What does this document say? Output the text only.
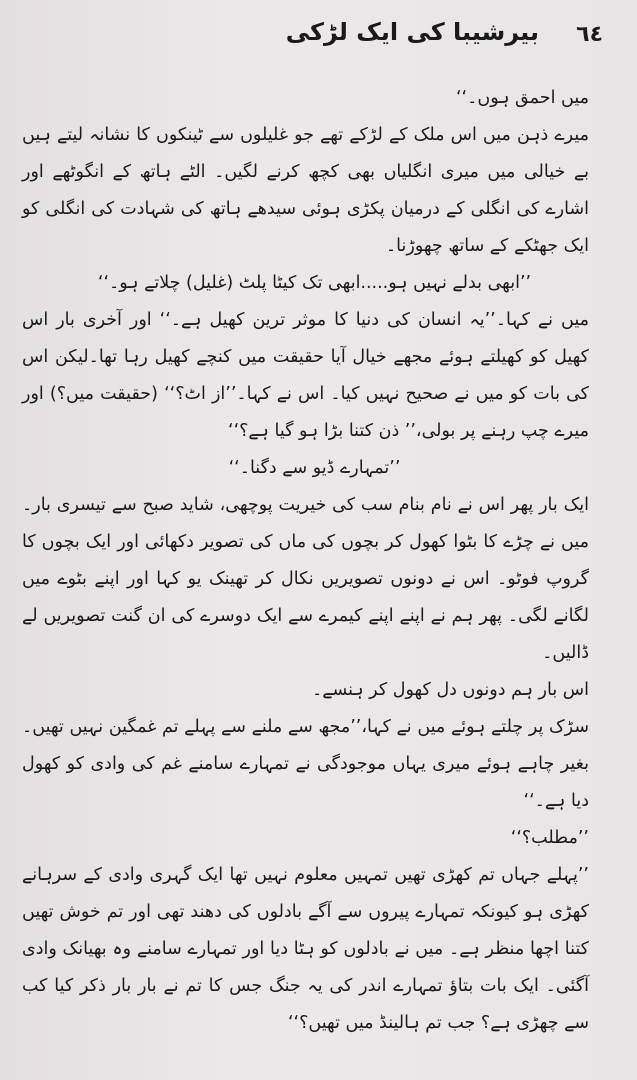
٦٤
بیرشیبا کی ایک لڑکی

میں احمق ہوں۔‘‘

میرے ذہن میں اس ملک کے لڑکے تھے جو غلیلوں سے ٹینکوں کا نشانہ لیتے ہیں بے خیالی میں میری انگلیاں بھی کچھ کرنے لگیں۔ الٹے ہاتھ کے انگوٹھے اور اشارے کی انگلی کے درمیان پکڑی ہوئی سیدھے ہاتھ کی شہادت کی انگلی کو ایک جھٹکے کے ساتھ چھوڑنا۔

’’ابھی بدلے نہیں ہو.....ابھی تک کیٹا پلٹ (غلیل) چلاتے ہو۔‘‘

میں نے کہا۔’’یہ انسان کی دنیا کا موثر ترین کھیل ہے۔‘‘ اور آخری بار اس کھیل کو کھیلتے ہوئے مجھے خیال آیا حقیقت میں کنچے کھیل رہا تھا۔لیکن اس کی بات کو میں نے صحیح نہیں کیا۔ اس نے کہا۔’’از اٹ؟‘‘ (حقیقت میں؟) اور میرے چپ رہنے پر بولی،’’ ذن کتنا بڑا ہو گیا ہے؟‘‘

’’تمہارے ڈیو سے دگنا۔‘‘

ایک بار پھر اس نے نام بنام سب کی خیریت پوچھی، شاید صبح سے تیسری بار۔ میں نے چڑے کا بٹوا کھول کر بچوں کی ماں کی تصویر دکھائی اور ایک بچوں کا گروپ فوٹو۔ اس نے دونوں تصویریں نکال کر تھینک یو کہا اور اپنے بٹوے میں لگانے لگی۔ پھر ہم نے اپنے اپنے کیمرے سے ایک دوسرے کی ان گنت تصویریں لے ڈالیں۔

اس بار ہم دونوں دل کھول کر ہنسے۔

سڑک پر چلتے ہوئے میں نے کہا،’’مجھ سے ملنے سے پہلے تم غمگین نہیں تھیں۔ بغیر چاہے ہوئے میری یہاں موجودگی نے تمہارے سامنے غم کی وادی کو کھول دیا ہے۔‘‘

’’مطلب؟‘‘

’’پہلے جہاں تم کھڑی تھیں تمہیں معلوم نہیں تھا ایک گہری وادی کے سرہانے کھڑی ہو کیونکہ تمہارے پیروں سے آگے بادلوں کی دھند تھی اور تم خوش تھیں کتنا اچھا منظر ہے۔ میں نے بادلوں کو ہٹا دیا اور تمہارے سامنے وہ بھیانک وادی آگئی۔ ایک بات بتاؤ تمہارے اندر کی یہ جنگ جس کا تم نے بار بار ذکر کیا کب سے چھڑی ہے؟ جب تم ہالینڈ میں تھیں؟‘‘
